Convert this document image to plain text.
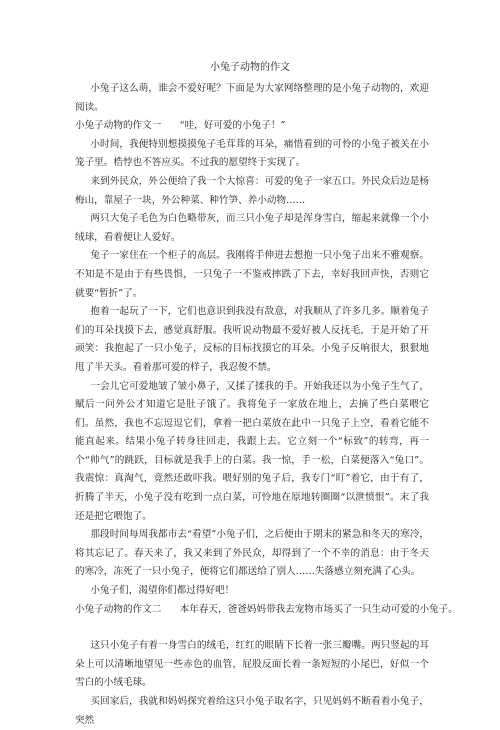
小兔子动物的作文

小兔子这么萌，谁会不爱好呢？下面是为大家网络整理的是小兔子动物的，欢迎阅读。

小兔子动物的作文一 “哇，好可爱的小兔子！”

小时间，我便特别想摸摸兔子毛茸茸的耳朵，痛惜看到的可怜的小兔子被关在小笼子里。梏悖也不答应买。不过我的愿望终于实现了。

来到外民众，外公便给了我一个大惊喜：可爱的兔子一家五口。外民众后边是杨梅山，靠屋子一块，外公种菜、种竹笋、养小动物……

两只大兔子毛色为白色略带灰，而三只小兔子却是浑身雪白，缩起来就像一个小绒球，看着便让人爱好。

兔子一家住在一个柜子的高层。我刚将手伸进去想抱一只小兔子出来不雅观察。不知是不是由于有些畏惧，一只兔子一不鉴戒摔跌了下去，幸好我回声快，否则它就要“暂折”了。

抱着一起玩了一下，它们也意识到我没有敌意，对我顺从了许多几多。顺着兔子们的耳朵找摸下去，感觉真舒服。我听说动物最不爱好被人反抚毛，于是开始了开顽笑：我抱起了一只小兔子，反标的目标找摸它的耳朵。小兔子反响很大，狠狠地甩了半天头。看着那可爱的样子，我忍俊不禁。

一会儿它可爱地皱了皱小鼻子，又揉了揉我的手。开始我还以为小兔子生气了，赋后一问外公才知道它是肚子饿了。我将兔子一家放在地上，去摘了些白菜喂它们。虽然，我也不忘逗逗它们，拿着一把白菜放在此中一只兔子上空，看着它能不能直起来。结果小兔子转身往回走，我跟上去。它立刻一个“标致”的转弯，再一个“帅气”的跳跃，目标就是我手上的白菜。我一惊，手一松，白菜便落入“兔口”。我震惊：真淘气，竟然还敢吓我。喂好别的兔子后，我专门“盯”着它，由于有了，折腾了半天，小兔子没有吃到一点白菜，可怜地在原地转圈圈“以泄愤恨”。末了我还是把它喂饱了。

那段时间每周我都市去“看望”小兔子们，之后便由于期末的紧急和冬天的寒冷，将其忘记了。春天来了，我又来到了外民众，却得到了一个不幸的消息：由于冬天的寒冷，冻死了一只小兔子，便将它们都送给了别人……失落感立刻充满了心头。

小兔子们，渴望你们都过得好吧！

小兔子动物的作文二 本年春天，爸爸妈妈带我去宠物市场买了一只生动可爱的小兔子。

这只小兔子有着一身雪白的绒毛，红红的眼睛下长着一张三瓣嘴。两只竖起的耳朵上可以清晰地望见一些赤色的血管，屁股反面长着一条短短的小尾巴，好似一个雪白的小绒毛球。

买回家后，我就和妈妈探究着给这只小兔子取名字，只见妈妈不断看着小兔子，突然
